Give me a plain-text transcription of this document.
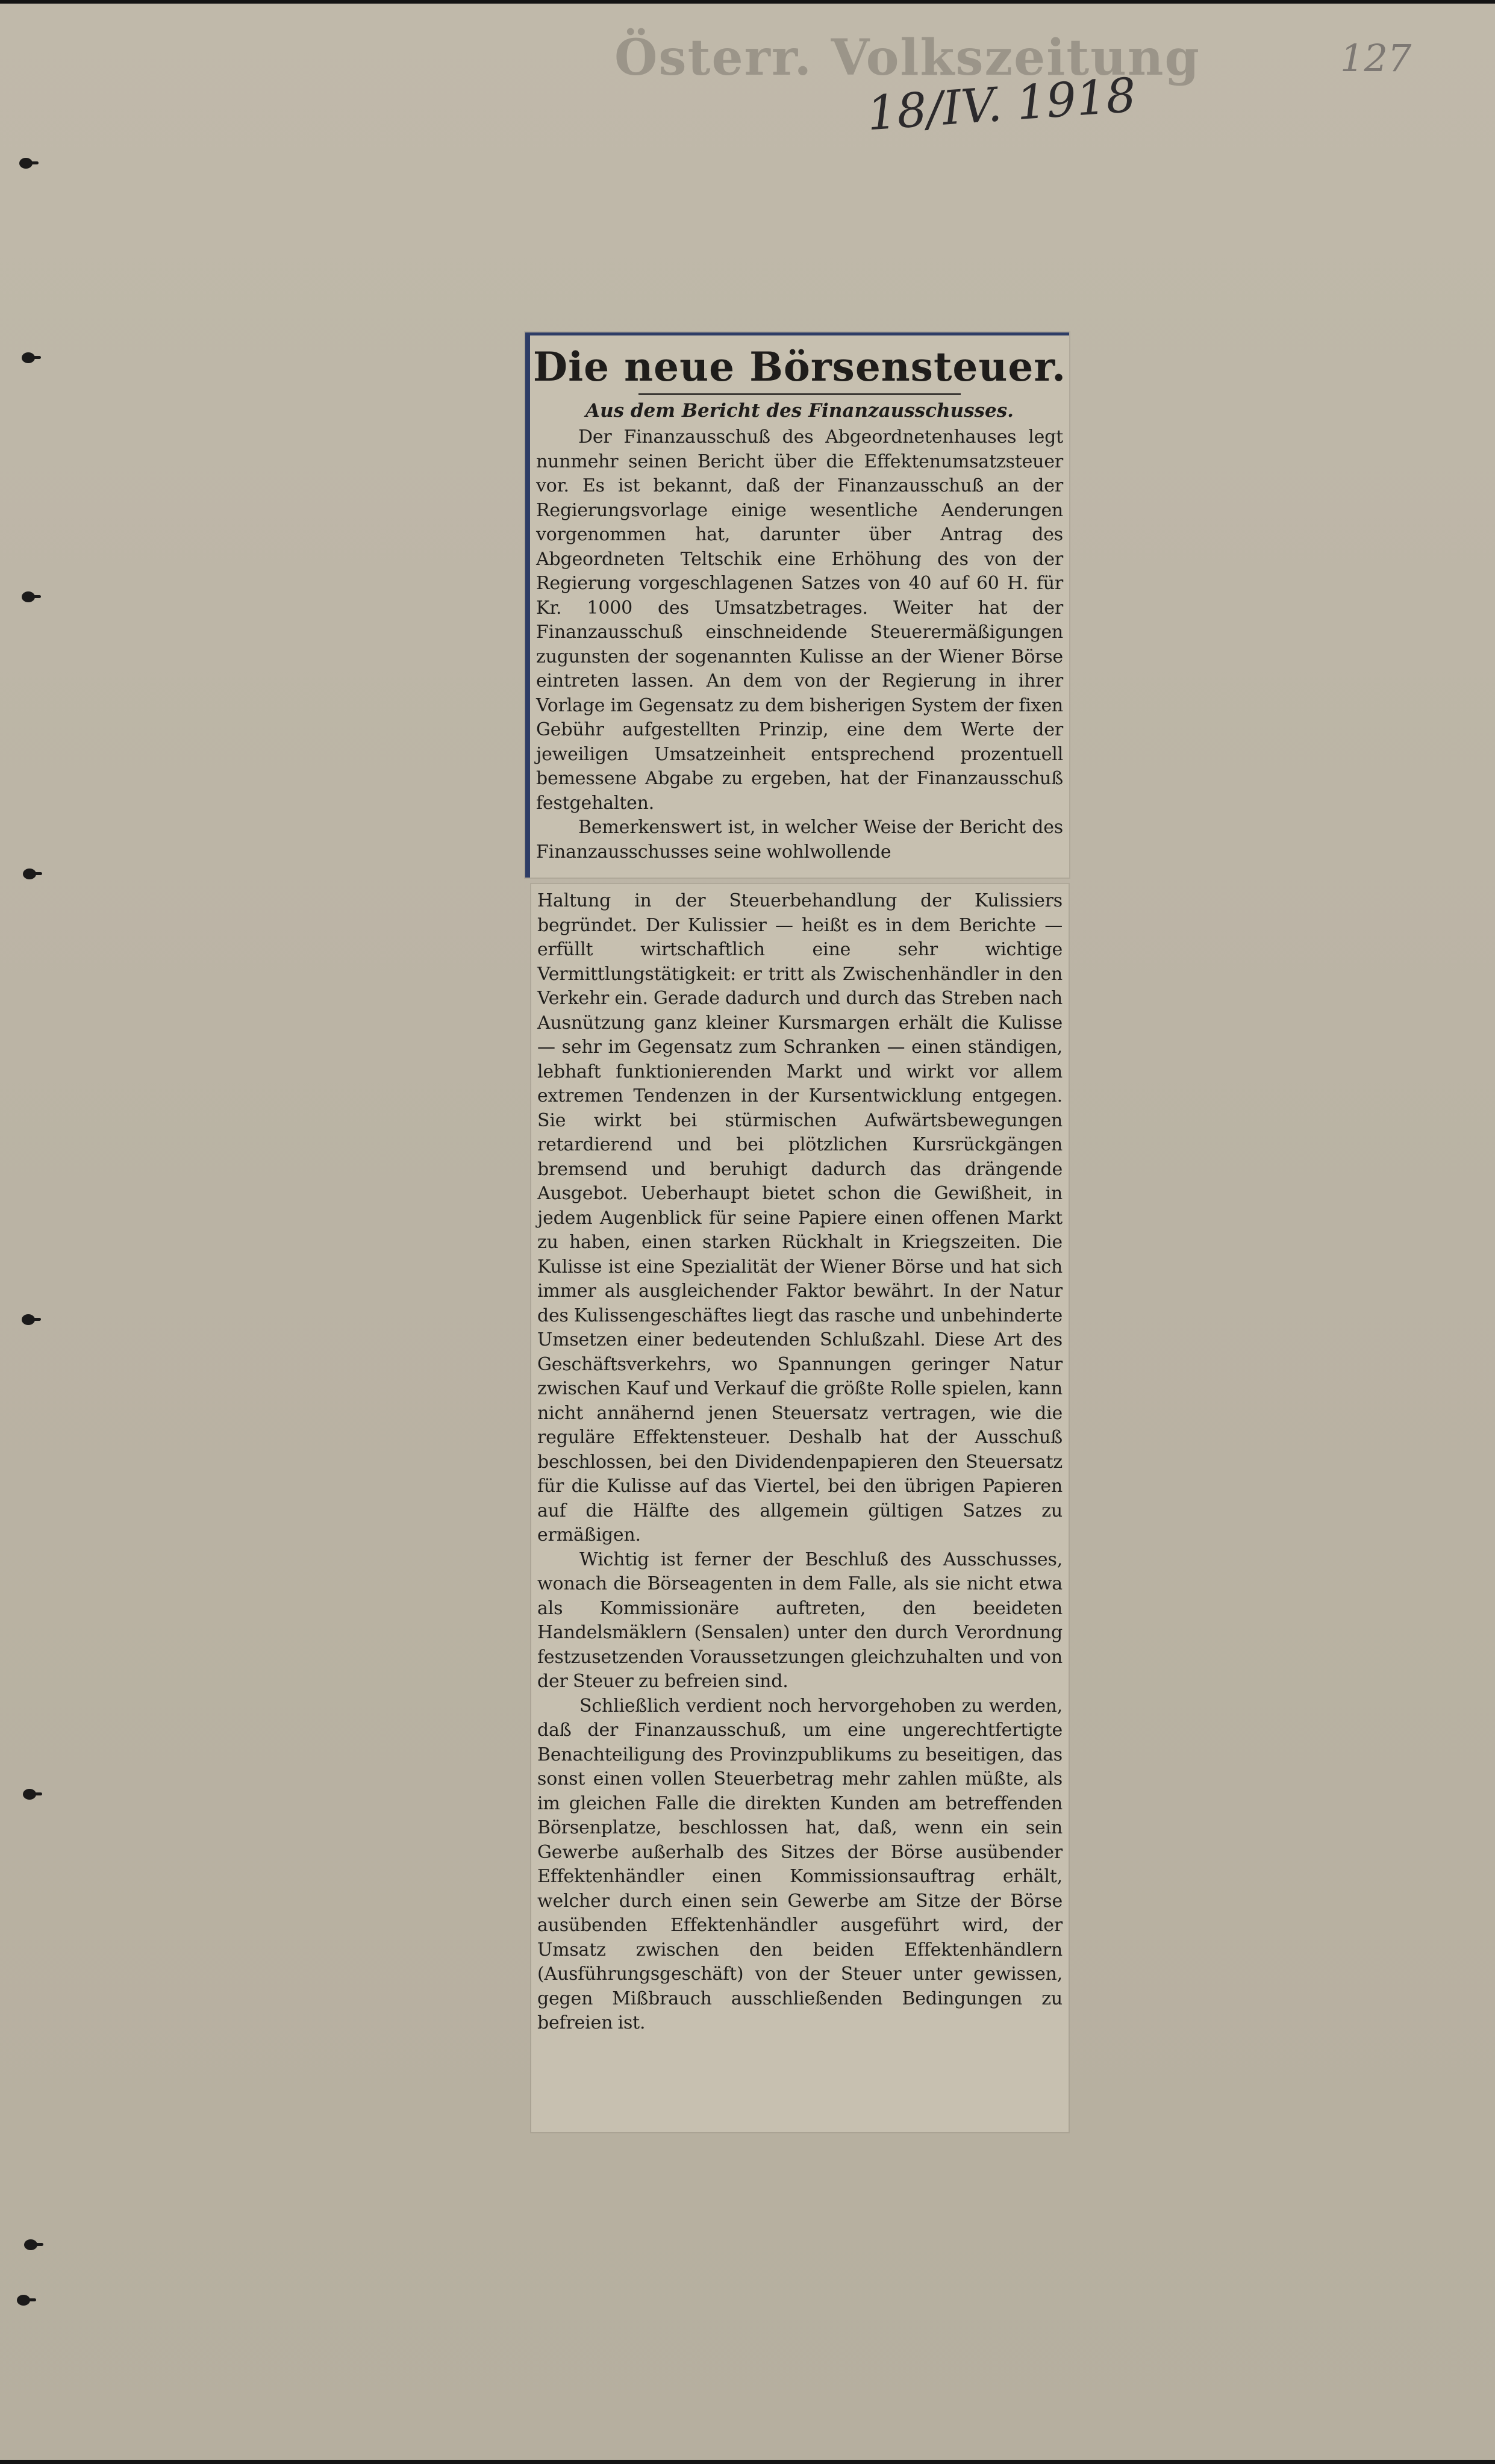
Österr. Volkszeitung
18/IV. 1918
127
Die neue Börsensteuer.
Aus dem Bericht des Finanzausschusses.

Der Finanzausschuß des Abgeordnetenhauses legt nunmehr seinen Bericht über die Effektenumsatzsteuer vor. Es ist bekannt, daß der Finanzausschuß an der Regierungsvorlage einige wesentliche Aenderungen vorgenommen hat, darunter über Antrag des Abgeordneten Teltschik eine Erhöhung des von der Regierung vorgeschlagenen Satzes von 40 auf 60 H. für Kr. 1000 des Umsatzbetrages. Weiter hat der Finanzausschuß einschneidende Steuerermäßigungen zugunsten der sogenannten Kulisse an der Wiener Börse eintreten lassen. An dem von der Regierung in ihrer Vorlage im Gegensatz zu dem bisherigen System der fixen Gebühr aufgestellten Prinzip, eine dem Werte der jeweiligen Umsatzeinheit entsprechend prozentuell bemessene Abgabe zu ergeben, hat der Finanzausschuß festgehalten.

Bemerkenswert ist, in welcher Weise der Bericht des Finanzausschusses seine wohlwollende

Haltung in der Steuerbehandlung der Kulissiers begründet. Der Kulissier — heißt es in dem Berichte — erfüllt wirtschaftlich eine sehr wichtige Vermittlungstätigkeit: er tritt als Zwischenhändler in den Verkehr ein. Gerade dadurch und durch das Streben nach Ausnützung ganz kleiner Kursmargen erhält die Kulisse — sehr im Gegensatz zum Schranken — einen ständigen, lebhaft funktionierenden Markt und wirkt vor allem extremen Tendenzen in der Kursentwicklung entgegen. Sie wirkt bei stürmischen Aufwärtsbewegungen retardierend und bei plötzlichen Kursrückgängen bremsend und beruhigt dadurch das drängende Ausgebot. Ueberhaupt bietet schon die Gewißheit, in jedem Augenblick für seine Papiere einen offenen Markt zu haben, einen starken Rückhalt in Kriegszeiten. Die Kulisse ist eine Spezialität der Wiener Börse und hat sich immer als ausgleichender Faktor bewährt. In der Natur des Kulissengeschäftes liegt das rasche und unbehinderte Umsetzen einer bedeutenden Schlußzahl. Diese Art des Geschäftsverkehrs, wo Spannungen geringer Natur zwischen Kauf und Verkauf die größte Rolle spielen, kann nicht annähernd jenen Steuersatz vertragen, wie die reguläre Effektensteuer. Deshalb hat der Ausschuß beschlossen, bei den Dividendenpapieren den Steuersatz für die Kulisse auf das Viertel, bei den übrigen Papieren auf die Hälfte des allgemein gültigen Satzes zu ermäßigen.

Wichtig ist ferner der Beschluß des Ausschusses, wonach die Börseagenten in dem Falle, als sie nicht etwa als Kommissionäre auftreten, den beeideten Handelsmäklern (Sensalen) unter den durch Verordnung festzusetzenden Voraussetzungen gleichzuhalten und von der Steuer zu befreien sind.

Schließlich verdient noch hervorgehoben zu werden, daß der Finanzausschuß, um eine ungerechtfertigte Benachteiligung des Provinzpublikums zu beseitigen, das sonst einen vollen Steuerbetrag mehr zahlen müßte, als im gleichen Falle die direkten Kunden am betreffenden Börsenplatze, beschlossen hat, daß, wenn ein sein Gewerbe außerhalb des Sitzes der Börse ausübender Effektenhändler einen Kommissionsauftrag erhält, welcher durch einen sein Gewerbe am Sitze der Börse ausübenden Effektenhändler ausgeführt wird, der Umsatz zwischen den beiden Effektenhändlern (Ausführungsgeschäft) von der Steuer unter gewissen, gegen Mißbrauch ausschließenden Bedingungen zu befreien ist.
